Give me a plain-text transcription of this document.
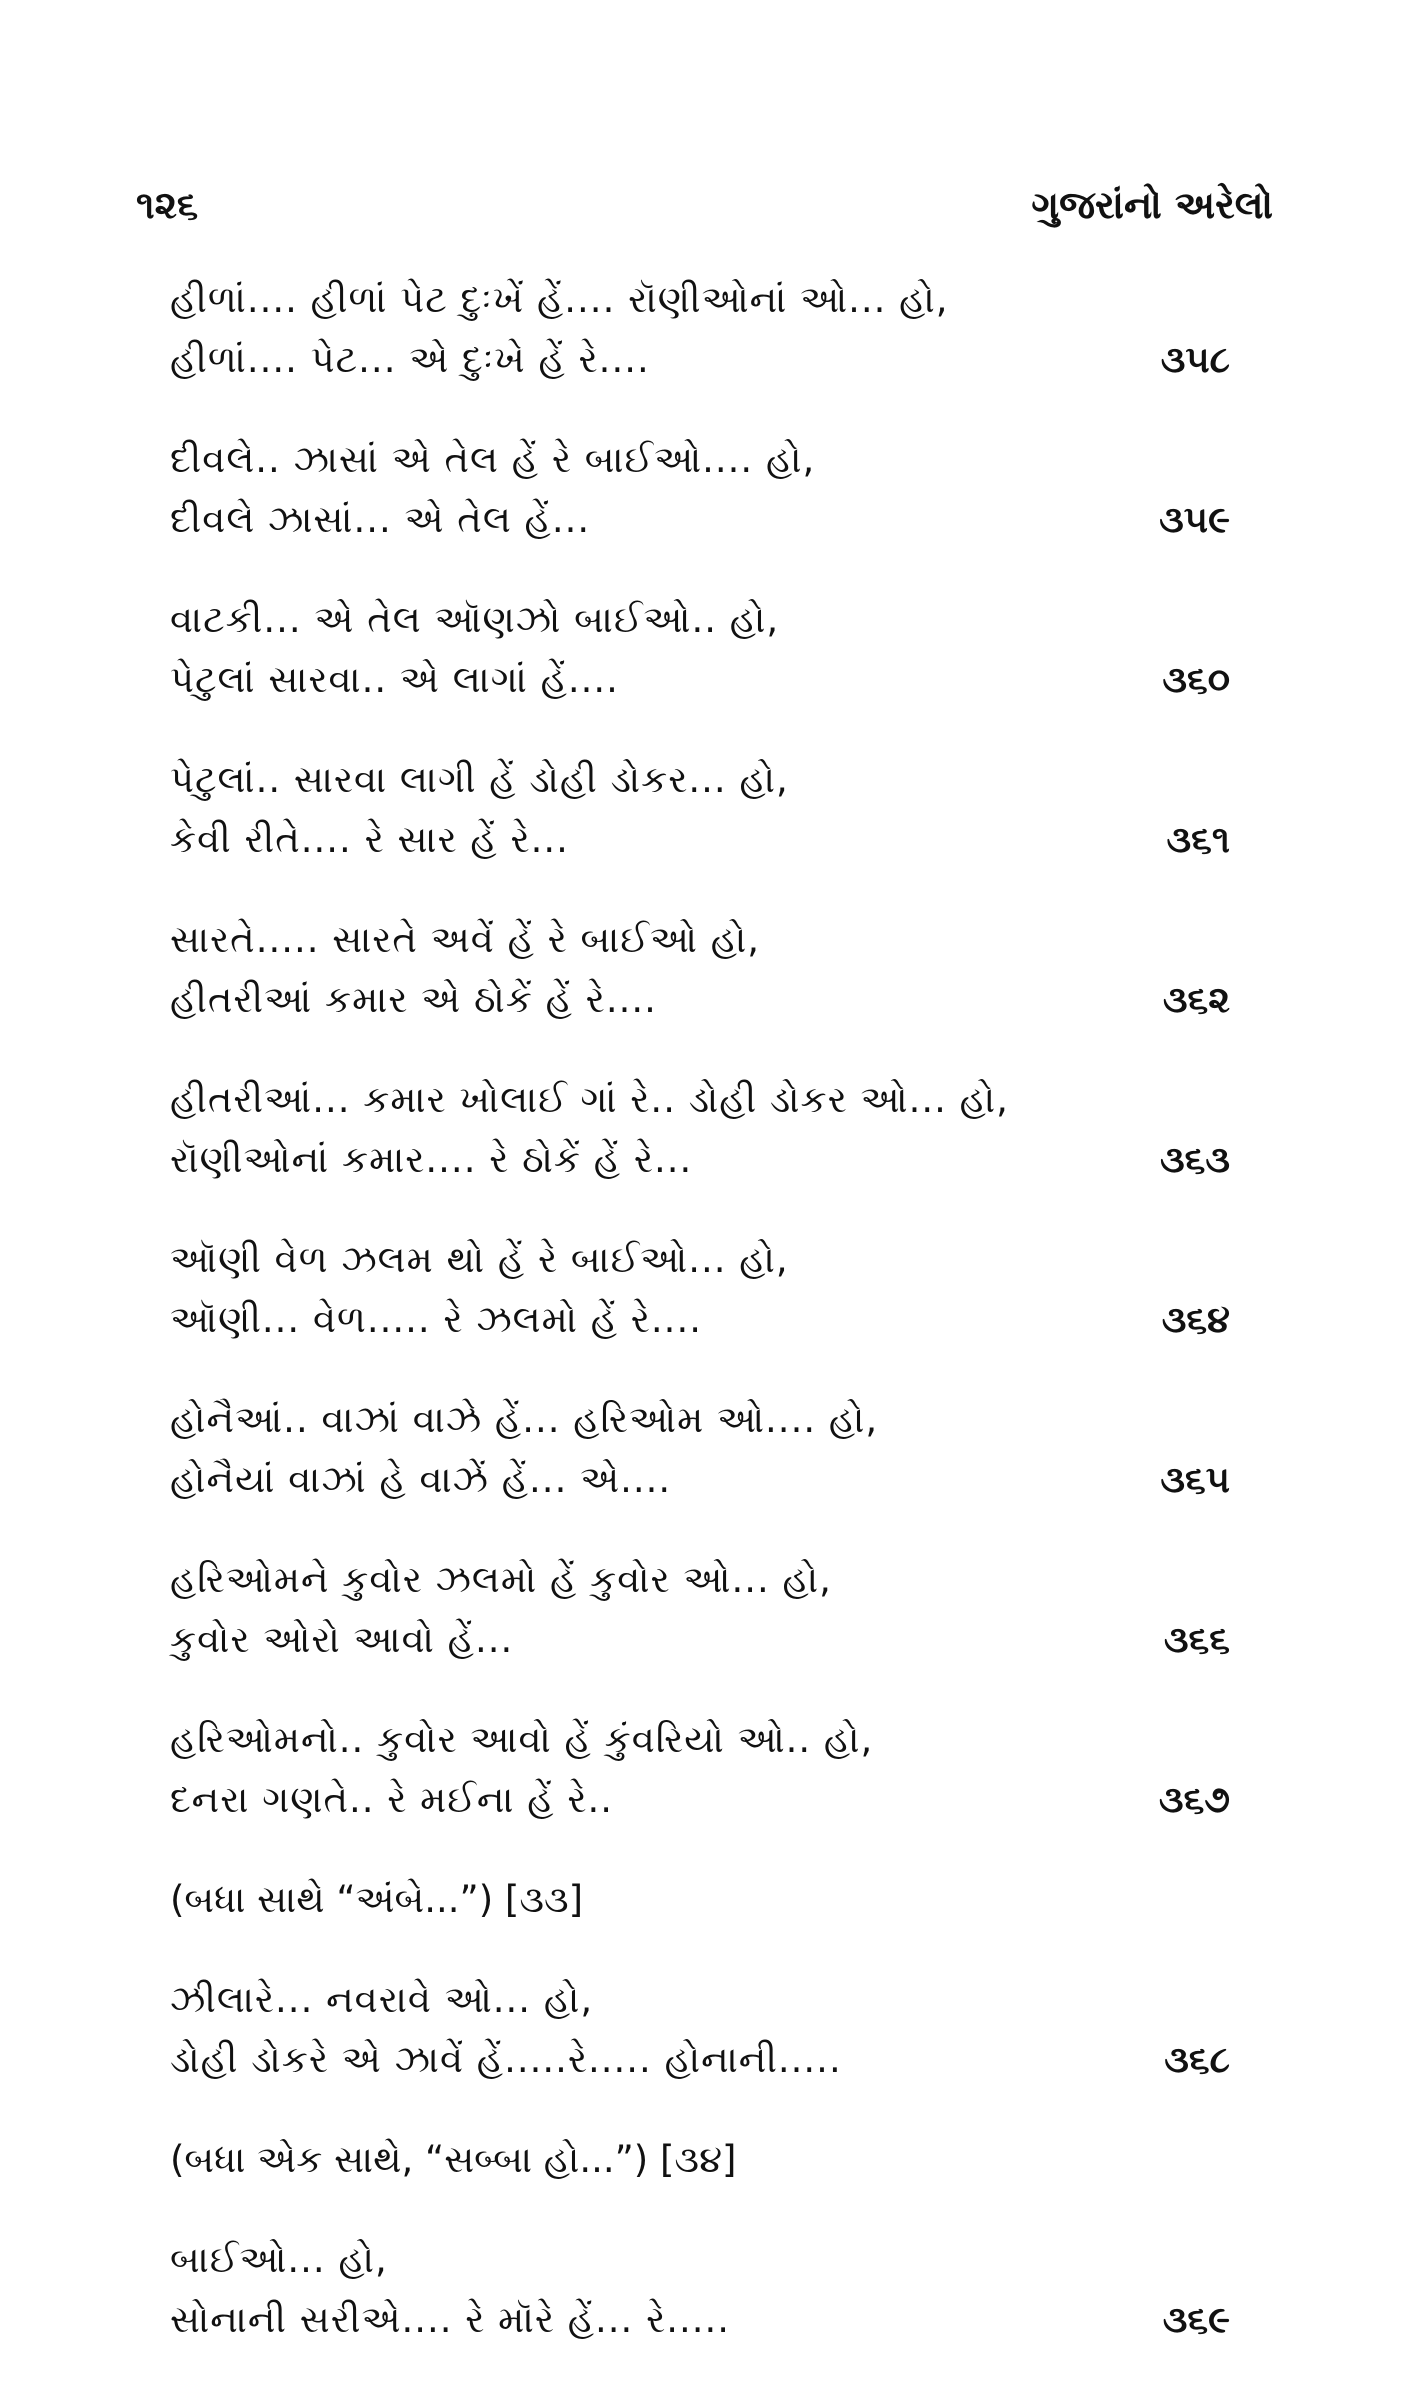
૧૨૬	ગુજરાંનો અરેલો
હીળાં.... હીળાં પેટ દુઃખેં હેં.... રૉણીઓનાં ઓ... હો,
હીળાં.... પેટ... એ દુઃખે હેં રે....	૩૫૮
દીવલે.. ઝાસાં એ તેલ હેં રે બાઈઓ.... હો,
દીવલે ઝાસાં... એ તેલ હેં...	૩૫૯
વાટકી... એ તેલ ઑણઝો બાઈઓ.. હો,
પેટુલાં સારવા.. એ લાગાં હેં....	૩૬૦
પેટુલાં.. સારવા લાગી હેં ડોહી ડોકર... હો,
કેવી રીતે.... રે સાર હેં રે...	૩૬૧
સારતે..... સારતે અવેં હેં રે બાઈઓ હો,
હીતરીઆં કમાર એ ઠોકેં હેં રે....	૩૬૨
હીતરીઆં... કમાર ખોલાઈ ગાં રે.. ડોહી ડોકર ઓ... હો,
રૉણીઓનાં કમાર.... રે ઠોકેં હેં રે...	૩૬૩
ઑણી વેળ ઝલમ થો હેં રે બાઈઓ... હો,
ઑણી... વેળ..... રે ઝલમો હેં રે....	૩૬૪
હોનૈઆં.. વાઝાં વાઝે હેં... હરિઓમ ઓ.... હો,
હોનૈયાં વાઝાં હે વાઝેં હેં... એ....	૩૬૫
હરિઓમને કુવોર ઝલમો હેં કુવોર ઓ... હો,
કુવોર ઓરો આવો હેં...	૩૬૬
હરિઓમનો.. કુવોર આવો હેં કુંવરિયો ઓ.. હો,
દનરા ગણતે.. રે મઈના હેં રે..	૩૬૭
(બધા સાથે “અંબે...”) [૩૩]
ઝીલારે... નવરાવે ઓ... હો,
ડોહી ડોકરે એ ઝાવેં હેં.....રે..... હોનાની.....	૩૬૮
(બધા એક સાથે, “સબ્બા હો...”) [૩૪]
બાઈઓ... હો,
સોનાની સરીએ.... રે મૉરે હેં... રે.....	૩૬૯
